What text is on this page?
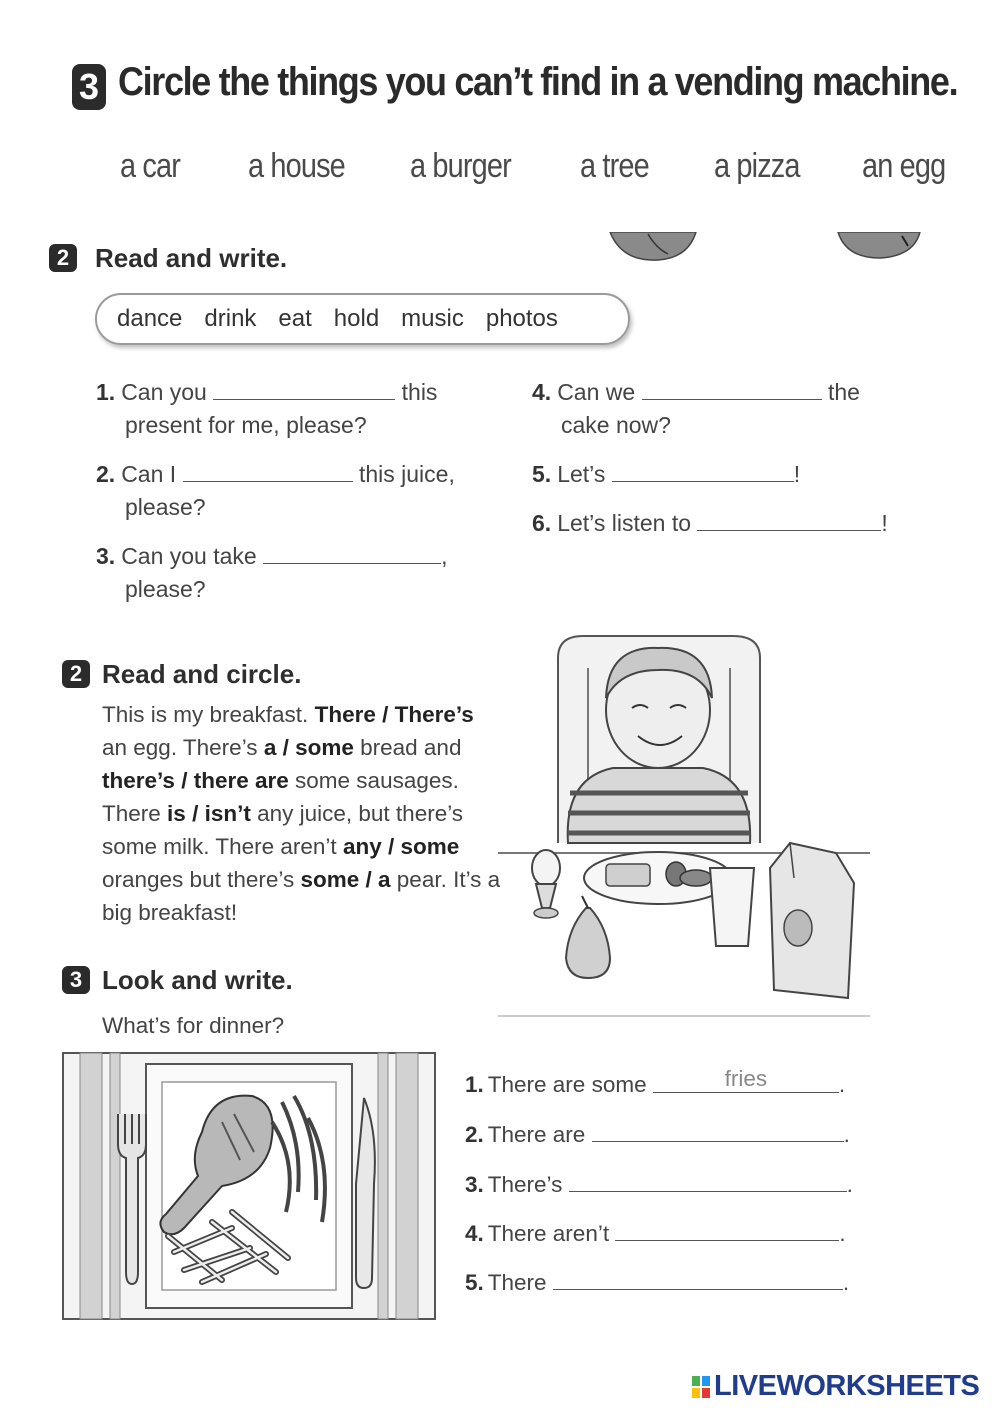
3 Circle the things you can’t find in a vending machine.
a car a house a burger a tree a pizza an egg
2 Read and write.
dance drink eat hold music photos
1. Can you	this
present for me, please?
2. Can I	this juice,
please?
3. Can you take	,
please?
4. Can we	the
cake now?
5. Let’s	!
6. Let’s listen to	!
2 Read and circle.
This is my breakfast. There / There’s an egg. There’s a / some bread and there’s / there are some sausages. There is / isn’t any juice, but there’s some milk. There aren’t any / some oranges but there’s some / a pear. It’s a big breakfast!
3 Look and write.
What’s for dinner?
1. There are some	fries	.
2. There are	.
3. There’s	.
4. There aren’t	.
5. There	.
LIVEWORKSHEETS
